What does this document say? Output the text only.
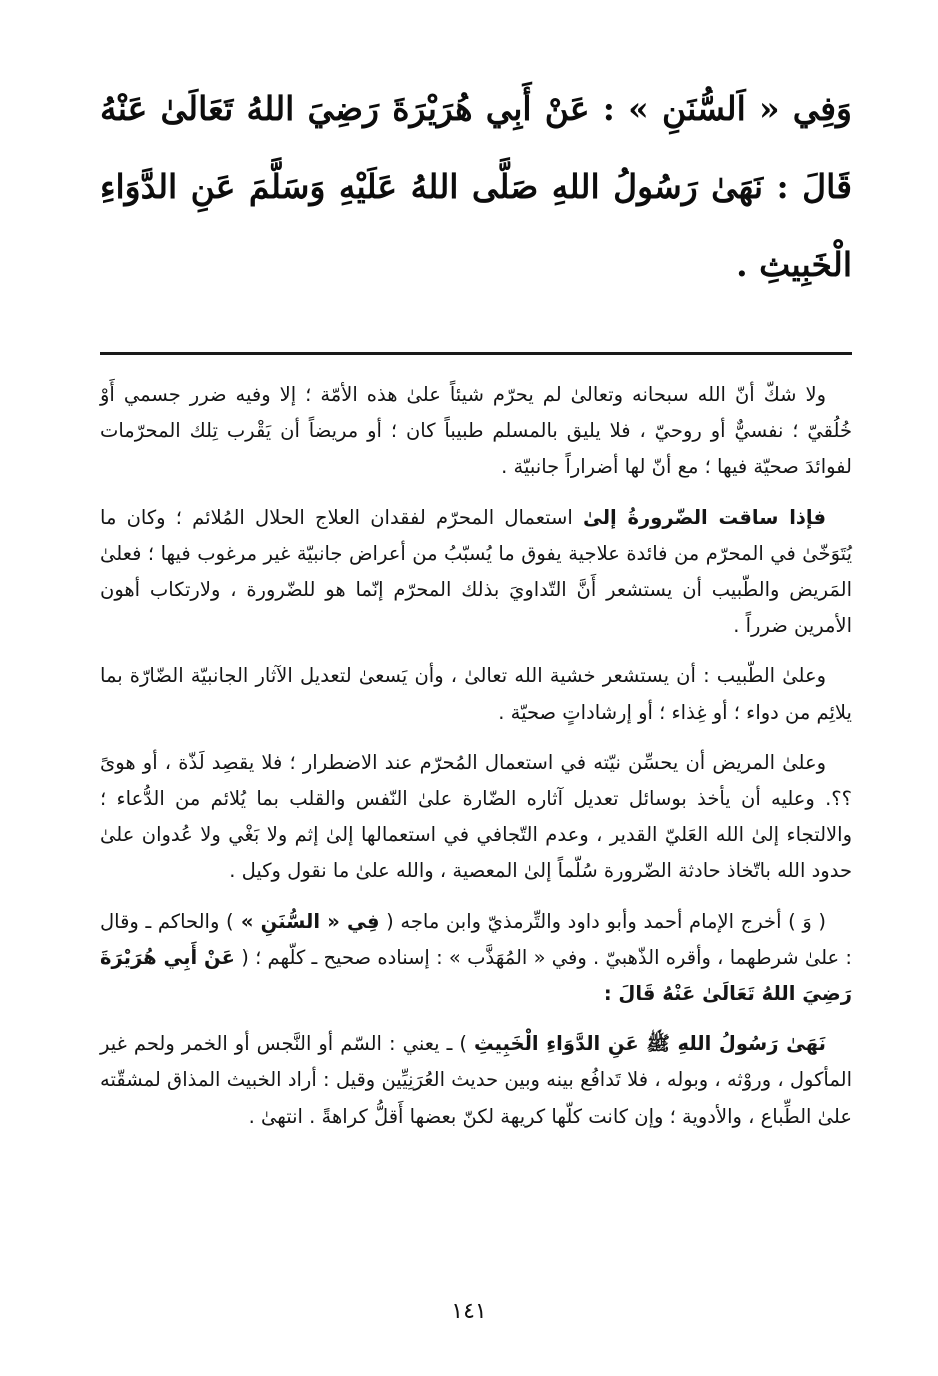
وَفِي « اَلسُّنَنِ » : عَنْ أَبِي هُرَيْرَةَ رَضِيَ اللهُ تَعَالَىٰ عَنْهُ قَالَ : نَهَىٰ رَسُولُ اللهِ صَلَّى اللهُ عَلَيْهِ وَسَلَّمَ عَنِ الدَّوَاءِ الْخَبِيثِ .

ولا شكّ أنّ الله سبحانه وتعالىٰ لم يحرّم شيئاً علىٰ هذه الأمّة ؛ إلا وفيه ضرر جسمي أَوْ خُلُقيّ ؛ نفسيٌّ أو روحيّ ، فلا يليق بالمسلم طبيباً كان ؛ أو مريضاً أن يَقْرب تِلك المحرّمات لفوائدَ صحيّة فيها ؛ مع أنّ لها أضراراً جانبيّة .

فإذا ساقت الضّرورةُ إلىٰ استعمال المحرّم لفقدان العلاج الحلال المُلائم ؛ وكان ما يُتَوَخّىٰ في المحرّم من فائدة علاجية يفوق ما يُسبّبُ من أعراض جانبيّة غير مرغوب فيها ؛ فعلىٰ المَريض والطّبيب أن يستشعر أَنَّ التّداويَ بذلك المحرّم إنّما هو للضّرورة ، ولارتكاب أهون الأمرين ضرراً .

وعلىٰ الطّبيب : أن يستشعر خشية الله تعالىٰ ، وأن يَسعىٰ لتعديل الآثار الجانبيّة الضّارّة بما يلائِم من دواء ؛ أو غِذاء ؛ أو إرشاداتٍ صحيّة .

وعلىٰ المريض أن يحسِّن نيّته في استعمال المُحرّم عند الاضطرار ؛ فلا يقصِد لَذّة ، أو هوىً ؟؟. وعليه أن يأخذ بوسائل تعديل آثاره الضّارة علىٰ النّفس والقلب بما يُلائم من الدُّعاء ؛ والالتجاء إلىٰ الله العَليّ القدير ، وعدم التّجافي في استعمالها إلىٰ إثم ولا بَغْي ولا عُدوان علىٰ حدود الله باتّخاذ حادثة الضّرورة سُلّماً إلىٰ المعصية ، والله علىٰ ما نقول وكيل .

( وَ ) أخرج الإمام أحمد وأبو داود والتِّرمذيّ وابن ماجه ( فِي « السُّنَنِ » ) والحاكم ـ وقال : علىٰ شرطهما ، وأقره الذّهبيّ . وفي « المُهَذَّب » : إسناده صحيح ـ كلّهم ؛ ( عَنْ أَبِي هُرَيْرَةَ رَضِيَ اللهُ تَعَالَىٰ عَنْهُ قَالَ :

نَهَىٰ رَسُولُ اللهِ ﷺ عَنِ الدَّوَاءِ الْخَبِيثِ ) ـ يعني : السّم أو النَّجس أو الخمر ولحم غير المأكول ، وروْثه ، وبوله ، فلا تَدافُع بينه وبين حديث العُرَنِيِّين وقيل : أراد الخبيث المذاق لمشقّته علىٰ الطِّباع ، والأدوية ؛ وإن كانت كلّها كريهة لكنّ بعضها أَقلُّ كراهةً . انتهىٰ .

١٤١
